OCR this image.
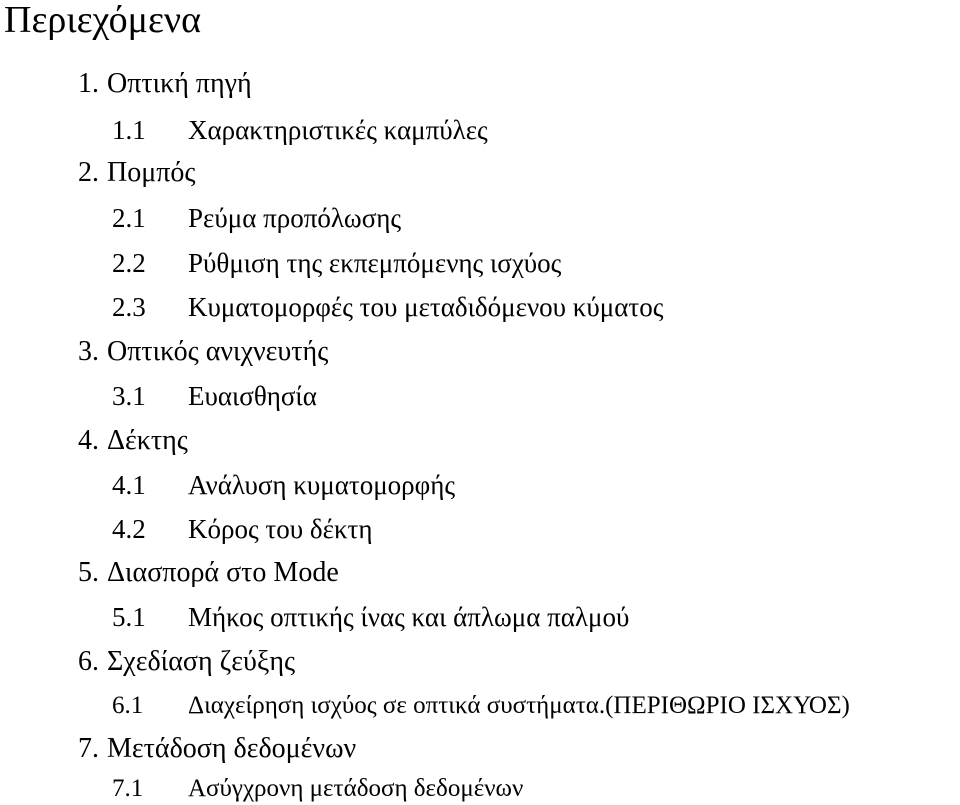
Περιεχόμενα
1. Οπτική πηγή
1.1 Χαρακτηριστικές καμπύλες
2. Πομπός
2.1 Ρεύμα προπόλωσης
2.2 Ρύθμιση της εκπεμπόμενης ισχύος
2.3 Κυματομορφές του μεταδιδόμενου κύματος
3. Οπτικός ανιχνευτής
3.1 Ευαισθησία
4. Δέκτης
4.1 Ανάλυση κυματομορφής
4.2 Κόρος του δέκτη
5. Διασπορά στο Mode
5.1 Μήκος οπτικής ίνας και άπλωμα παλμού
6. Σχεδίαση ζεύξης
6.1 Διαχείρηση ισχύος σε οπτικά συστήματα.(ΠΕΡΙΘΩΡΙΟ ΙΣΧΥΟΣ)
7. Μετάδοση δεδομένων
7.1 Ασύγχρονη μετάδοση δεδομένων
